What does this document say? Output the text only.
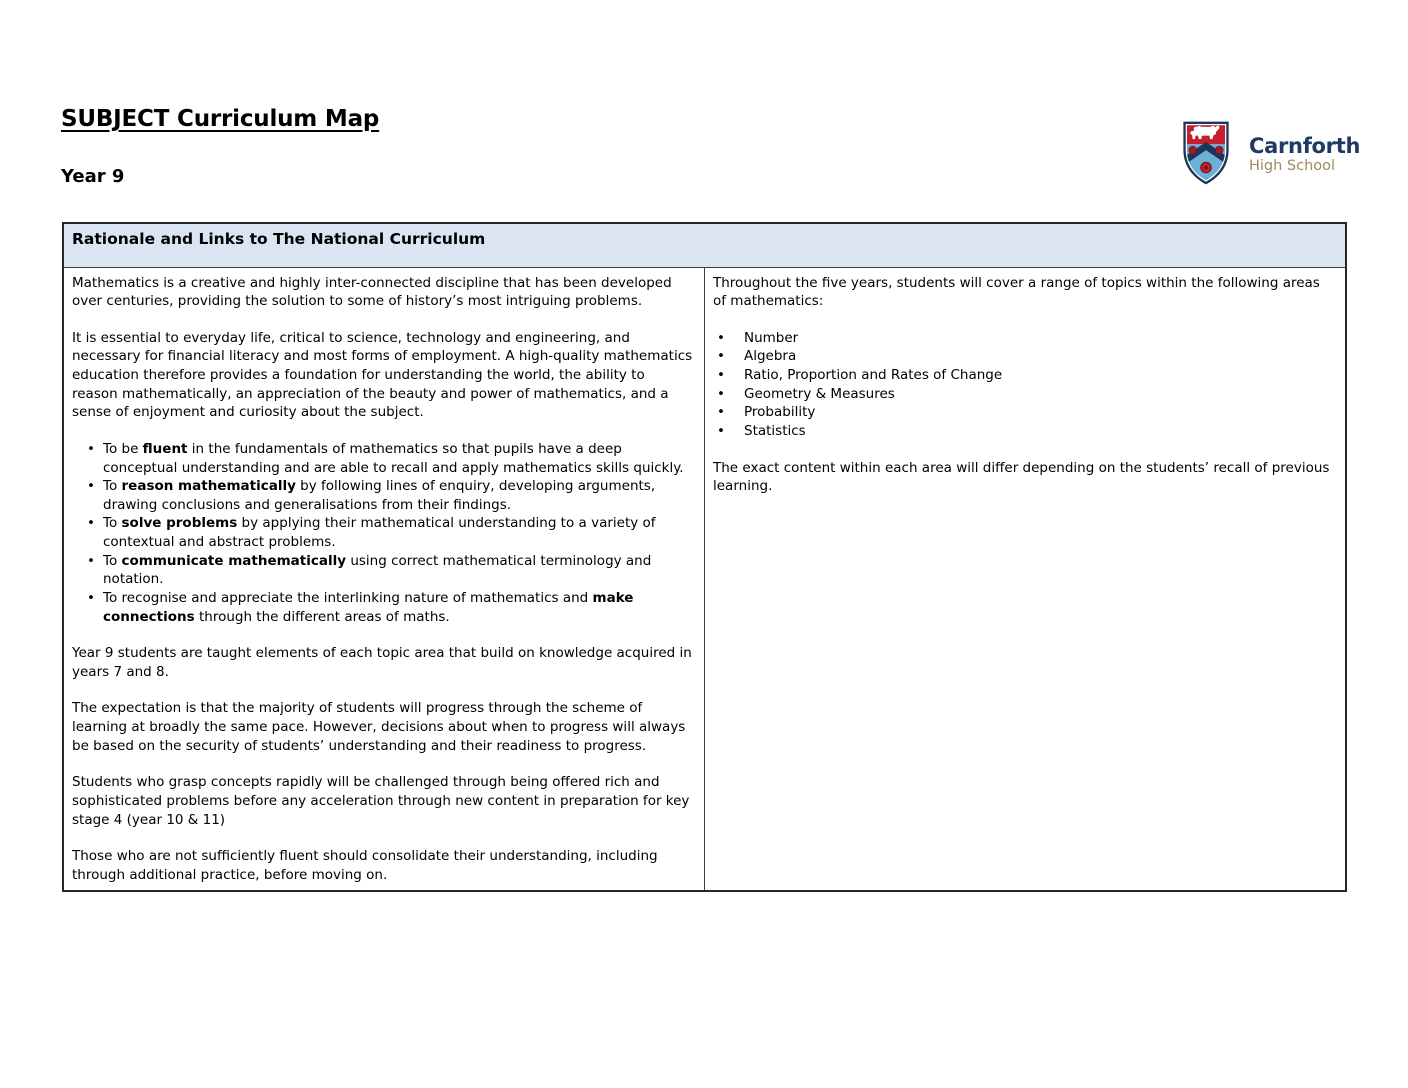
SUBJECT Curriculum Map
Year 9
Carnforth
High School
Rationale and Links to The National Curriculum

Mathematics is a creative and highly inter-connected discipline that has been developed over centuries, providing the solution to some of history’s most intriguing problems.
It is essential to everyday life, critical to science, technology and engineering, and necessary for financial literacy and most forms of employment. A high-quality mathematics education therefore provides a foundation for understanding the world, the ability to reason mathematically, an appreciation of the beauty and power of mathematics, and a sense of enjoyment and curiosity about the subject.
•
To be fluent in the fundamentals of mathematics so that pupils have a deep conceptual understanding and are able to recall and apply mathematics skills quickly.
•
To reason mathematically by following lines of enquiry, developing arguments, drawing conclusions and generalisations from their findings.
•
To solve problems by applying their mathematical understanding to a variety of contextual and abstract problems.
•
To communicate mathematically using correct mathematical terminology and notation.
•
To recognise and appreciate the interlinking nature of mathematics and make connections through the different areas of maths.
Year 9 students are taught elements of each topic area that build on knowledge acquired in years 7 and 8.
The expectation is that the majority of students will progress through the scheme of learning at broadly the same pace. However, decisions about when to progress will always be based on the security of students’ understanding and their readiness to progress.
Students who grasp concepts rapidly will be challenged through being offered rich and sophisticated problems before any acceleration through new content in preparation for key stage 4 (year 10 & 11)
Those who are not sufficiently fluent should consolidate their understanding, including through additional practice, before moving on.

Throughout the five years, students will cover a range of topics within the following areas of mathematics:
•
Number
•
Algebra
•
Ratio, Proportion and Rates of Change
•
Geometry & Measures
•
Probability
•
Statistics
The exact content within each area will differ depending on the students’ recall of previous learning.
